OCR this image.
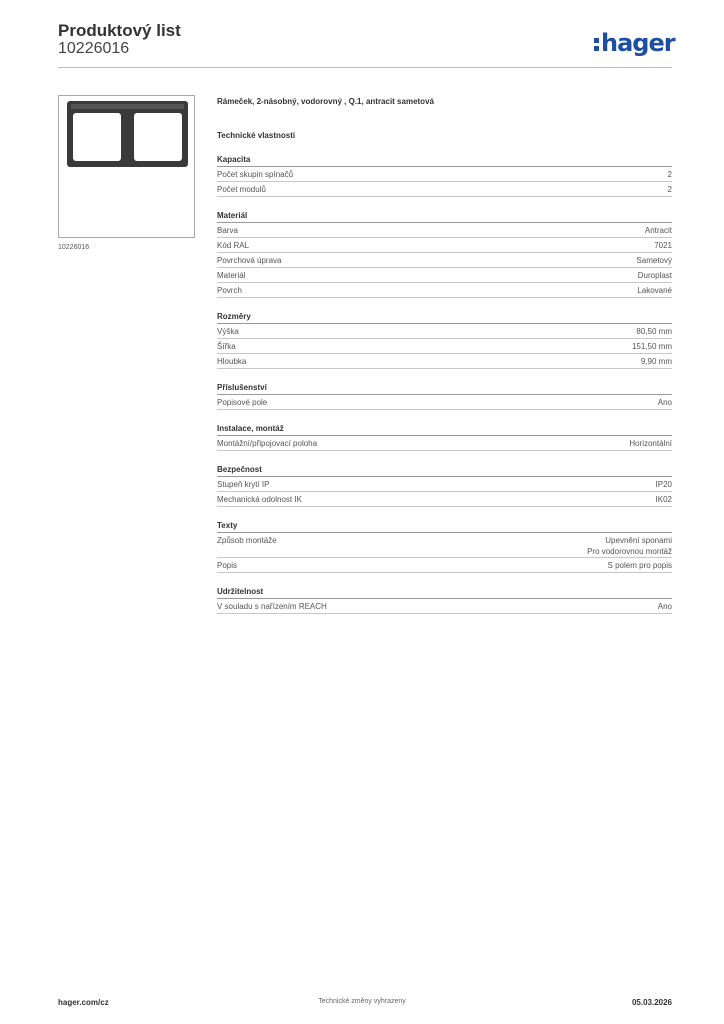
Produktový list
10226016	hager
10226016
Rámeček, 2-násobný, vodorovný , Q.1, antracit sametová
Technické vlastnosti
Kapacita
Počet skupin spínačů	2
Počet modulů	2
Materiál
Barva	Antracit
Kód RAL	7021
Povrchová úprava	Sametový
Materiál	Duroplast
Povrch	Lakované
Rozměry
Výška	80,50 mm
Šířka	151,50 mm
Hloubka	9,90 mm
Příslušenství
Popisové pole	Ano
Instalace, montáž
Montážní/připojovací poloha	Horizontální
Bezpečnost
Stupeň krytí IP	IP20
Mechanická odolnost IK	IK02
Texty
Způsob montáže	Upevnění sponami
Pro vodorovnou montáž
Popis	S polem pro popis
Udržitelnost
V souladu s nařízením REACH	Ano
hager.com/cz	Technické změny vyhrazeny	05.03.2026
